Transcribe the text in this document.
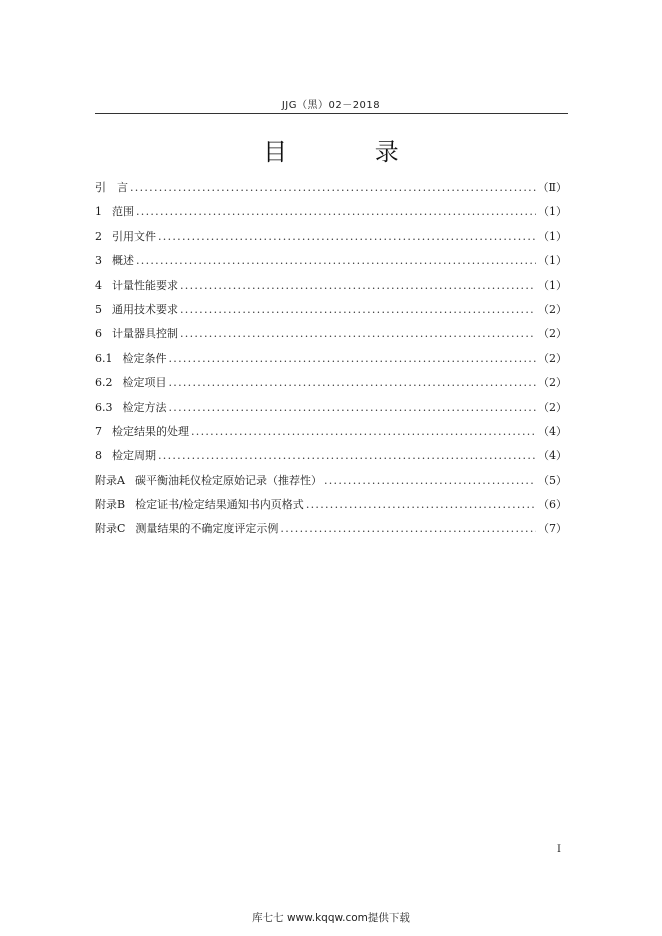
JJG（黑）02－2018
目 录
引　言 .....	（Ⅱ）
1 范围 .....	（1）
2 引用文件 .....	（1）
3 概述 .....	（1）
4 计量性能要求 .....	（1）
5 通用技术要求 .....	（2）
6 计量器具控制 .....	（2）
6.1 检定条件 .....	（2）
6.2 检定项目 .....	（2）
6.3 检定方法 .....	（2）
7 检定结果的处理 .....	（4）
8 检定周期 .....	（4）
附录A 碳平衡油耗仪检定原始记录（推荐性） .....	（5）
附录B 检定证书/检定结果通知书内页格式 .....	（6）
附录C 测量结果的不确定度评定示例 .....	（7）
Ⅰ
库七七 www.kqqw.com提供下载
